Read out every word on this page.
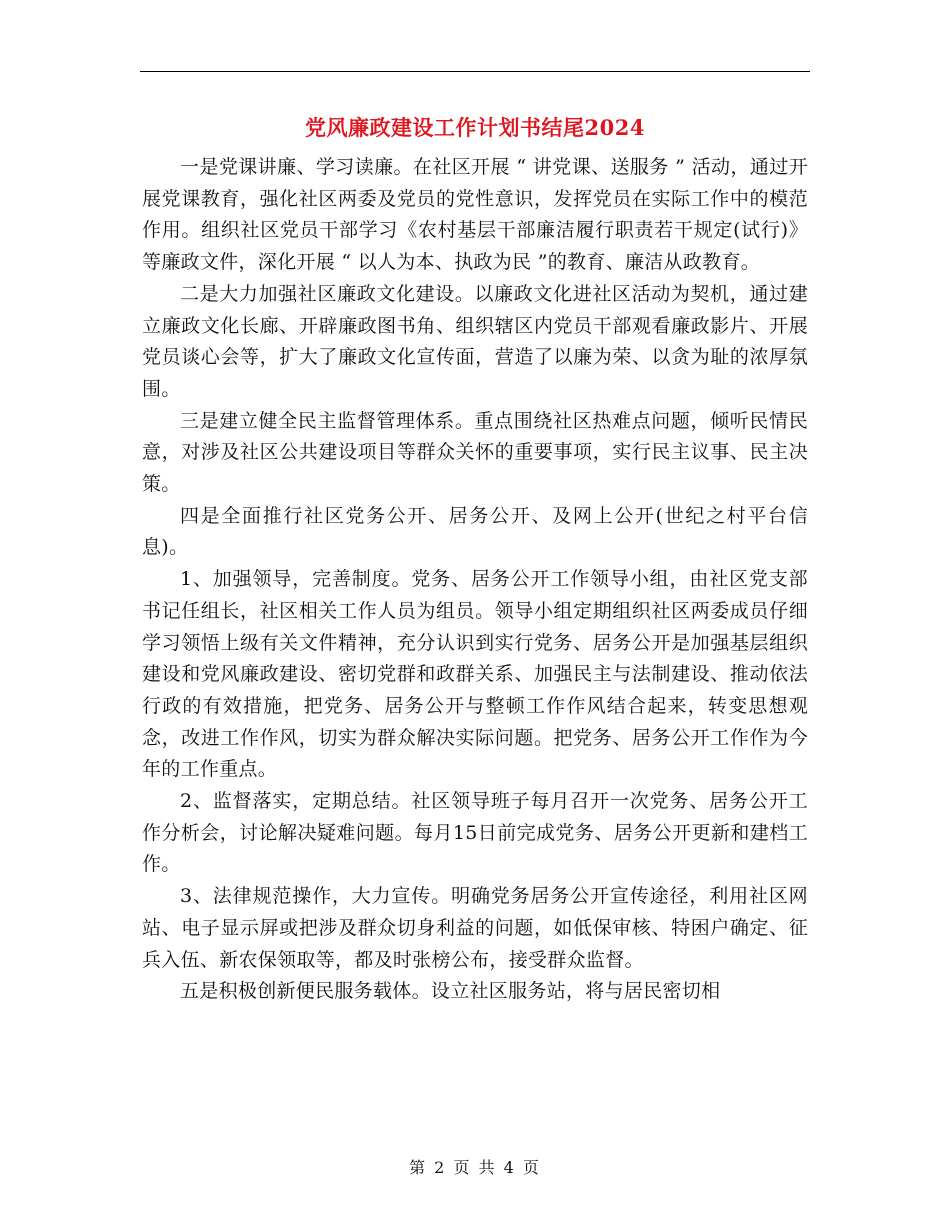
党风廉政建设工作计划书结尾2024

一是党课讲廉、学习读廉。在社区开展 “ 讲党课、送服务 ” 活动，通过开展党课教育，强化社区两委及党员的党性意识，发挥党员在实际工作中的模范作用。组织社区党员干部学习《农村基层干部廉洁履行职责若干规定(试行)》等廉政文件，深化开展 “ 以人为本、执政为民 ”的教育、廉洁从政教育。

二是大力加强社区廉政文化建设。以廉政文化进社区活动为契机，通过建立廉政文化长廊、开辟廉政图书角、组织辖区内党员干部观看廉政影片、开展党员谈心会等，扩大了廉政文化宣传面，营造了以廉为荣、以贪为耻的浓厚氛围。

三是建立健全民主监督管理体系。重点围绕社区热难点问题，倾听民情民意，对涉及社区公共建设项目等群众关怀的重要事项，实行民主议事、民主决策。

四是全面推行社区党务公开、居务公开、及网上公开(世纪之村平台信息)。

1、加强领导，完善制度。党务、居务公开工作领导小组，由社区党支部书记任组长，社区相关工作人员为组员。领导小组定期组织社区两委成员仔细学习领悟上级有关文件精神，充分认识到实行党务、居务公开是加强基层组织建设和党风廉政建设、密切党群和政群关系、加强民主与法制建设、推动依法行政的有效措施，把党务、居务公开与整顿工作作风结合起来，转变思想观念，改进工作作风，切实为群众解决实际问题。把党务、居务公开工作作为今年的工作重点。

2、监督落实，定期总结。社区领导班子每月召开一次党务、居务公开工作分析会，讨论解决疑难问题。每月15日前完成党务、居务公开更新和建档工作。

3、法律规范操作，大力宣传。明确党务居务公开宣传途径，利用社区网站、电子显示屏或把涉及群众切身利益的问题，如低保审核、特困户确定、征兵入伍、新农保领取等，都及时张榜公布，接受群众监督。

五是积极创新便民服务载体。设立社区服务站，将与居民密切相

第 2 页 共 4 页
